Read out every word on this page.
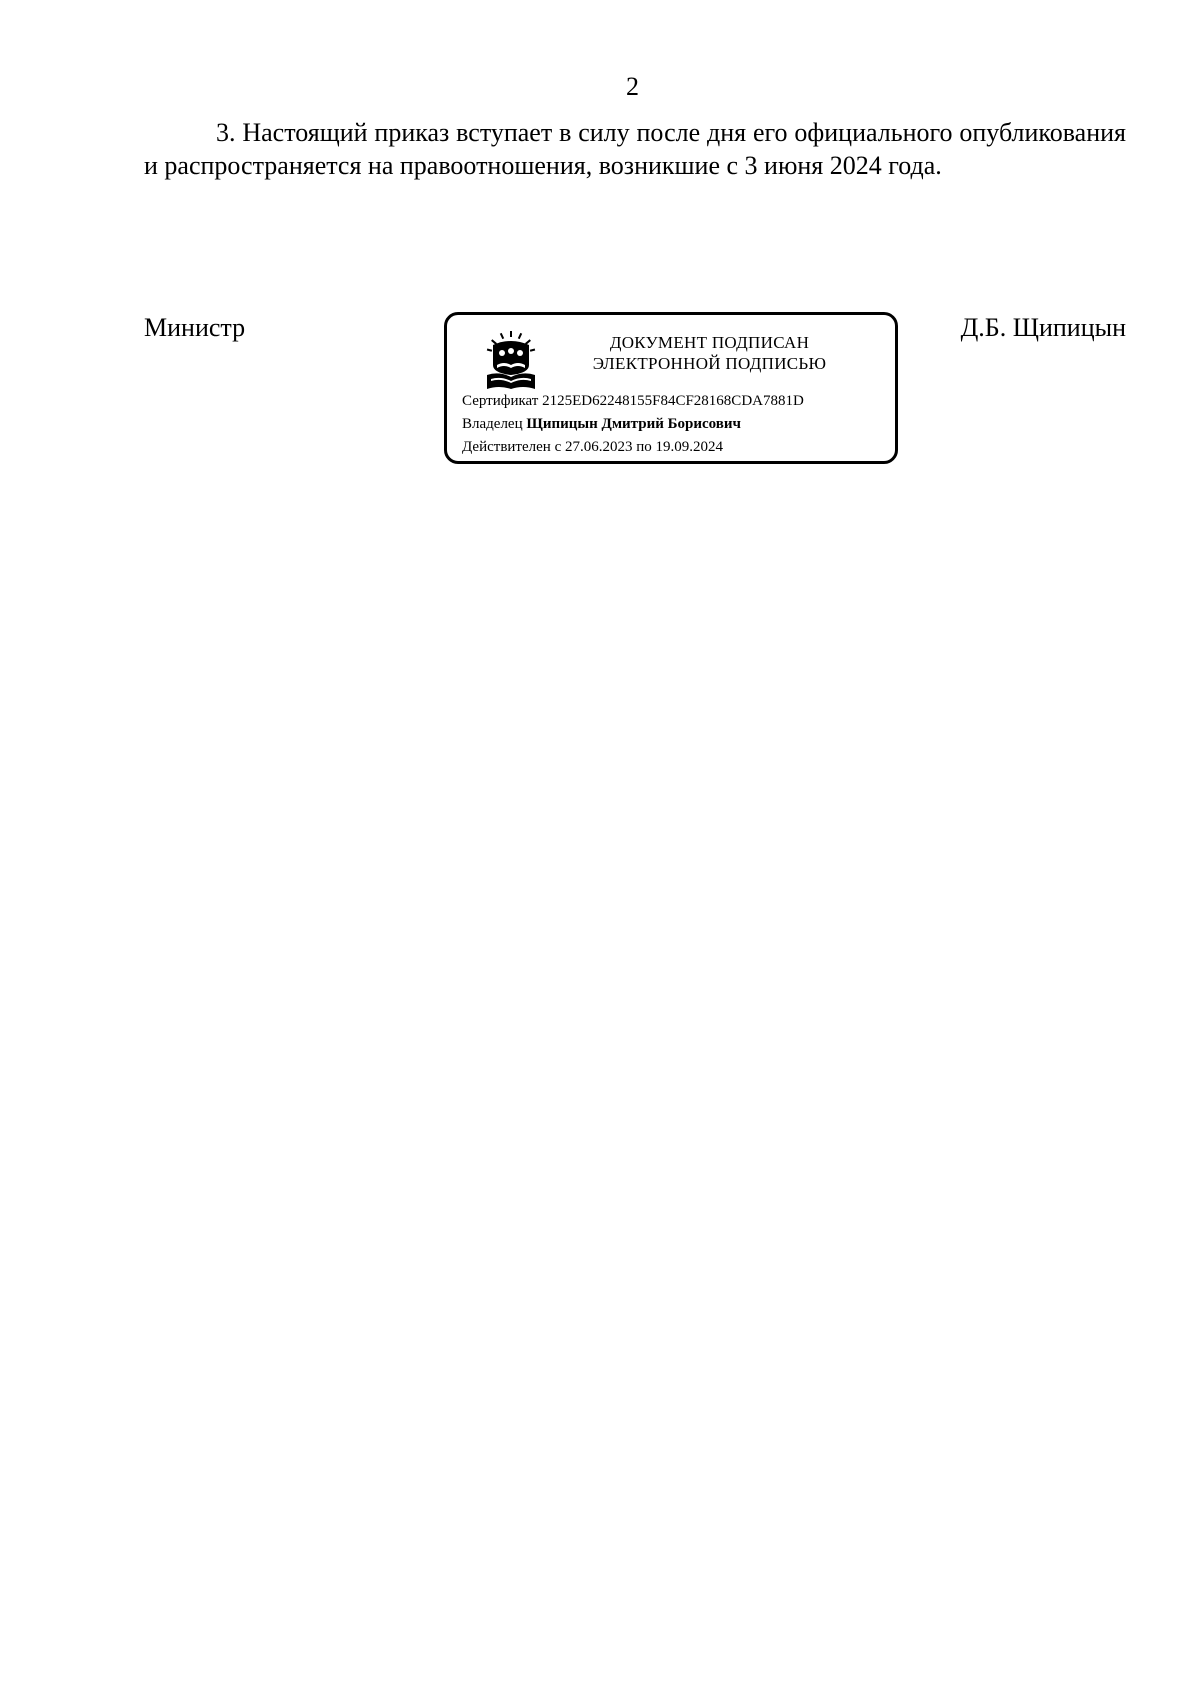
2

3. Настоящий приказ вступает в силу после дня его официального опубликования и распространяется на правоотношения, возникшие с 3 июня 2024 года.

Министр
ДОКУМЕНТ ПОДПИСАН
ЭЛЕКТРОННОЙ ПОДПИСЬЮ
Сертификат 2125ED62248155F84CF28168CDA7881D
Владелец Щипицын Дмитрий Борисович
Действителен с 27.06.2023 по 19.09.2024
Д.Б. Щипицын
